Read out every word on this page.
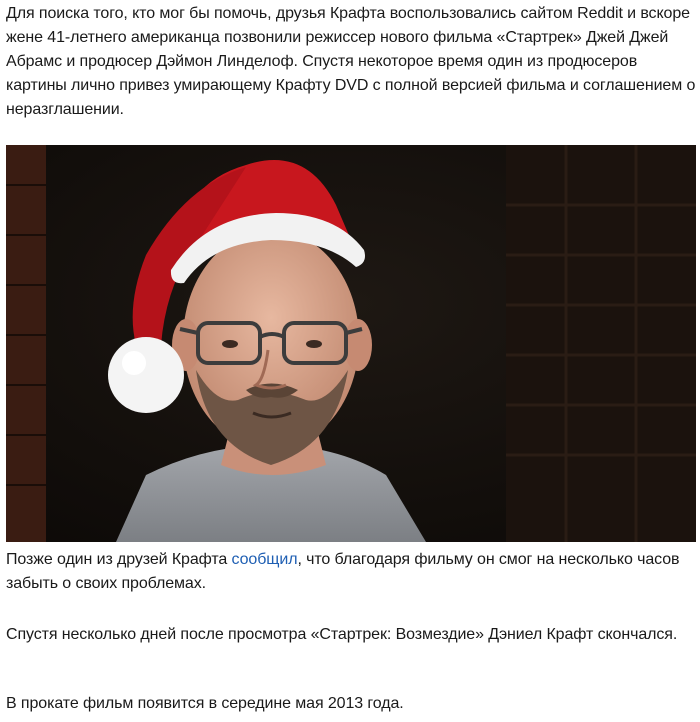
Для поиска того, кто мог бы помочь, друзья Крафта воспользовались сайтом Reddit и вскоре жене 41-летнего американца позвонили режиссер нового фильма «Стартрек» Джей Джей Абрамс и продюсер Дэймон Линделоф. Спустя некоторое время один из продюсеров картины лично привез умирающему Крафту DVD с полной версией фильма и соглашением о неразглашении.

Позже один из друзей Крафта сообщил, что благодаря фильму он смог на несколько часов забыть о своих проблемах.

Спустя несколько дней после просмотра «Стартрек: Возмездие» Дэниел Крафт скончался.

В прокате фильм появится в середине мая 2013 года.
